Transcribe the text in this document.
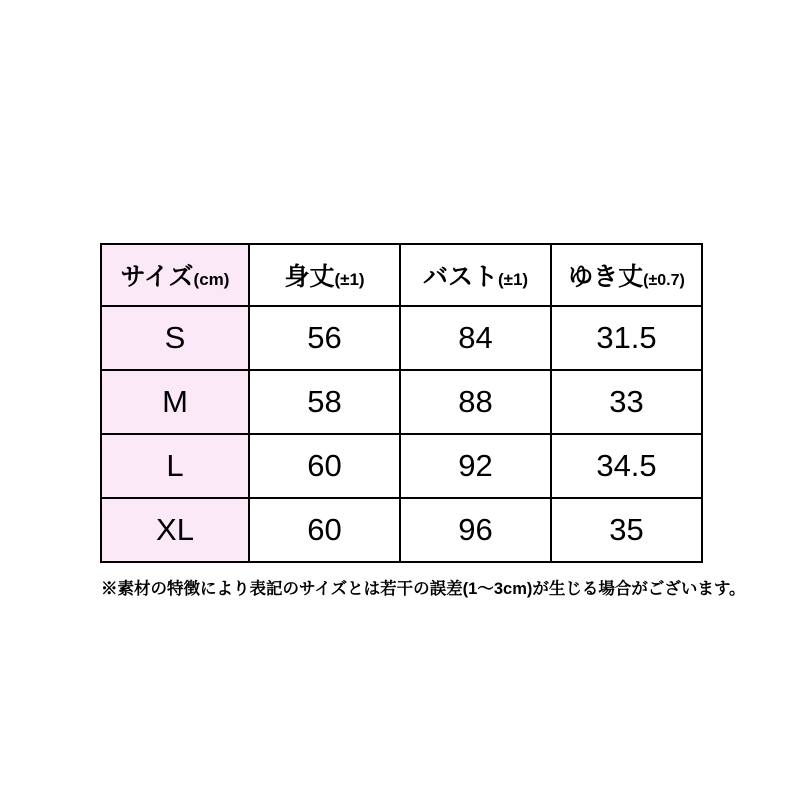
サイズ(cm)	身丈(±1)	バスト(±1)	ゆき丈(±0.7)
S	56	84	31.5
M	58	88	33
L	60	92	34.5
XL	60	96	35
※素材の特徴により表記のサイズとは若干の誤差(1～3cm)が生じる場合がございます。
